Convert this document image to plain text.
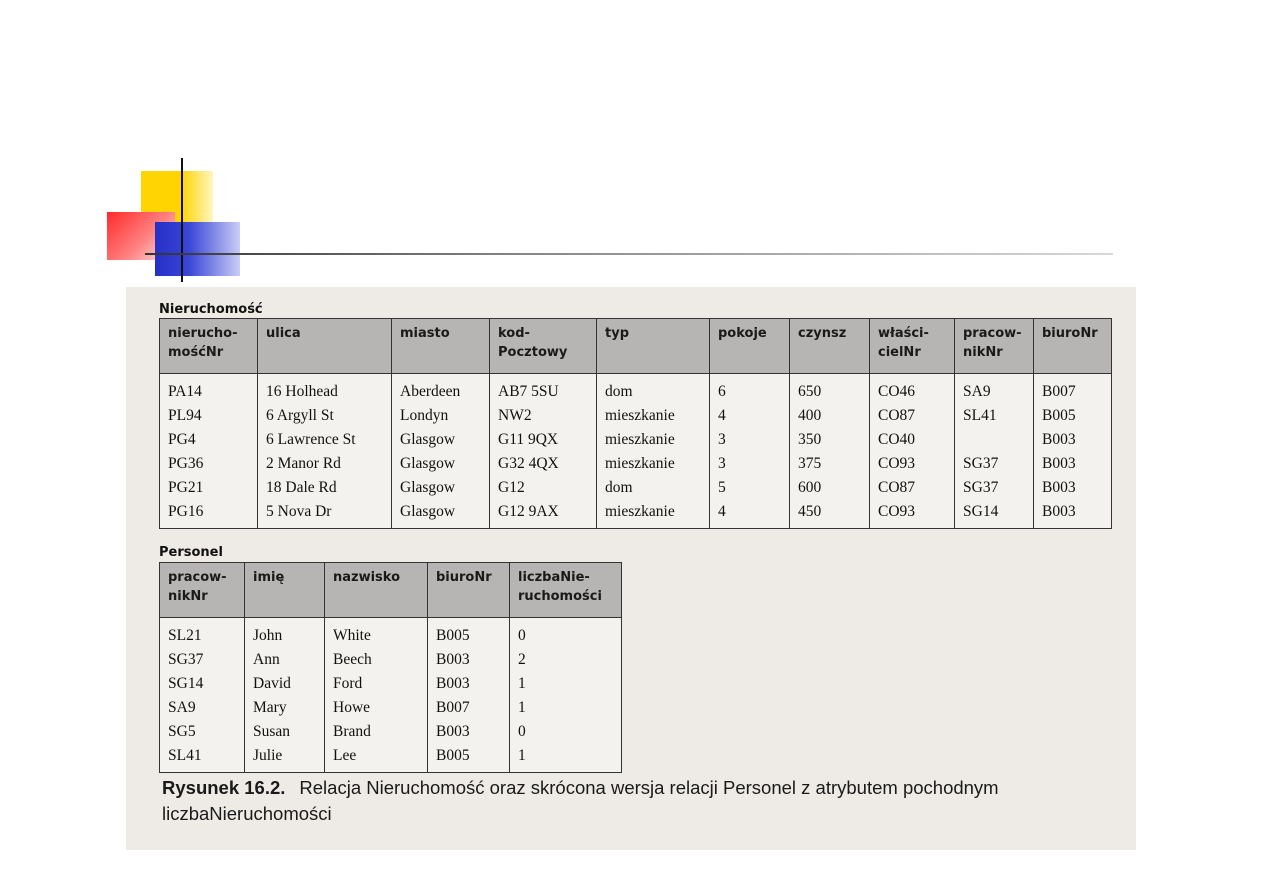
Nieruchomość
nierucho-
mośćNr	ulica	miasto	kod-
Pocztowy	typ	pokoje	czynsz	właści-
cielNr	pracow-
nikNr	biuroNr
PA14	16 Holhead	Aberdeen	AB7 5SU	dom	6	650	CO46	SA9	B007
PL94	6 Argyll St	Londyn	NW2	mieszkanie	4	400	CO87	SL41	B005
PG4	6 Lawrence St	Glasgow	G11 9QX	mieszkanie	3	350	CO40		B003
PG36	2 Manor Rd	Glasgow	G32 4QX	mieszkanie	3	375	CO93	SG37	B003
PG21	18 Dale Rd	Glasgow	G12	dom	5	600	CO87	SG37	B003
PG16	5 Nova Dr	Glasgow	G12 9AX	mieszkanie	4	450	CO93	SG14	B003
Personel
pracow-
nikNr	imię	nazwisko	biuroNr	liczbaNie-
ruchomości
SL21	John	White	B005	0
SG37	Ann	Beech	B003	2
SG14	David	Ford	B003	1
SA9	Mary	Howe	B007	1
SG5	Susan	Brand	B003	0
SL41	Julie	Lee	B005	1
Rysunek 16.2. Relacja Nieruchomość oraz skrócona wersja relacji Personel z atrybutem pochodnym liczbaNieruchomości
